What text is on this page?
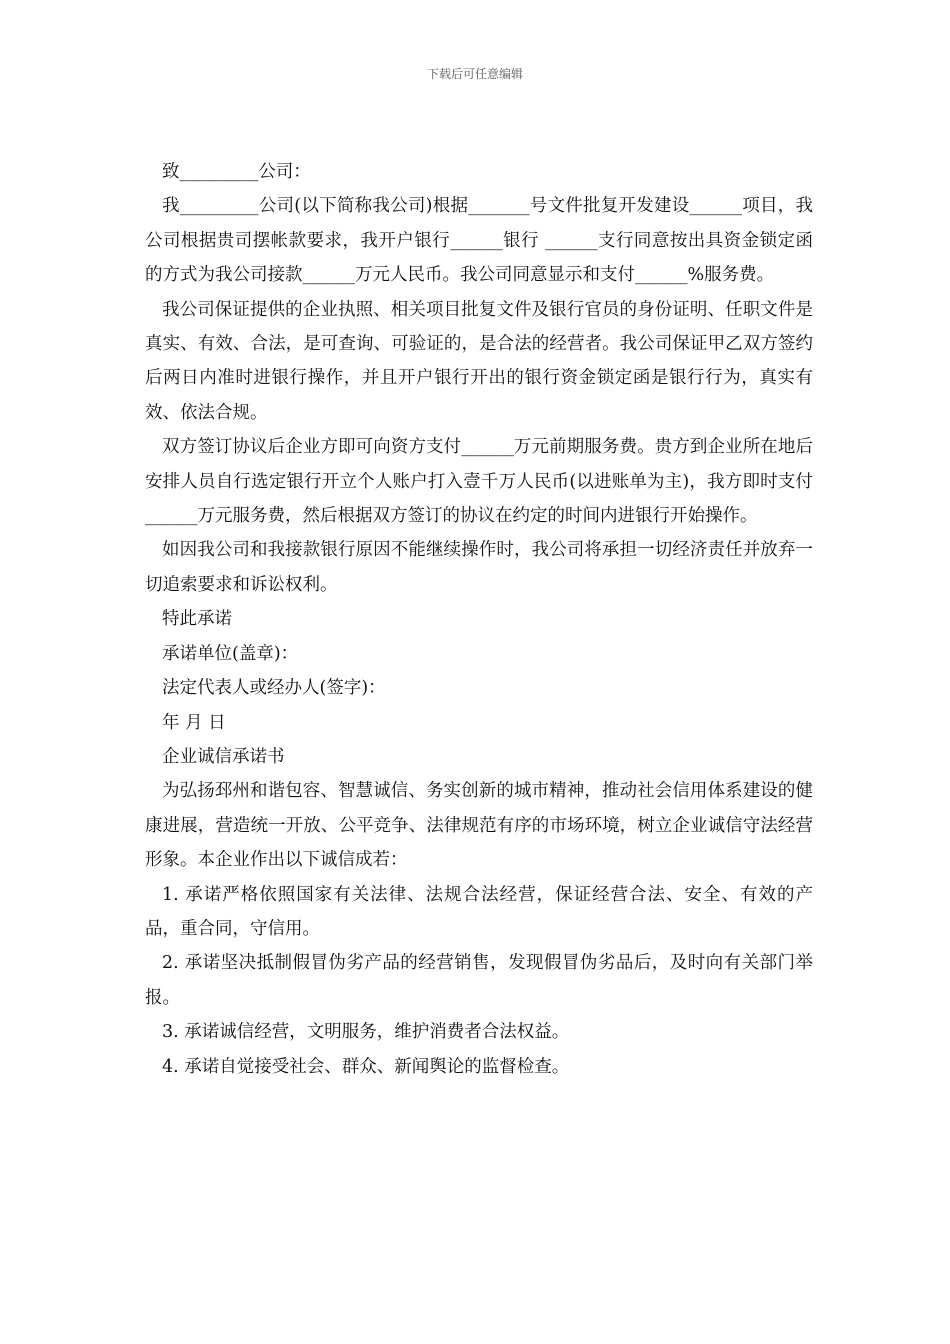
下载后可任意编辑

致_________公司：

我_________公司(以下简称我公司)根据_______号文件批复开发建设______项目，我公司根据贵司摆帐款要求，我开户银行______银行 ______支行同意按出具资金锁定函的方式为我公司接款______万元人民币。我公司同意显示和支付______%服务费。

我公司保证提供的企业执照、相关项目批复文件及银行官员的身份证明、任职文件是真实、有效、合法，是可查询、可验证的，是合法的经营者。我公司保证甲乙双方签约后两日内准时进银行操作，并且开户银行开出的银行资金锁定函是银行行为，真实有效、依法合规。

双方签订协议后企业方即可向资方支付______万元前期服务费。贵方到企业所在地后安排人员自行选定银行开立个人账户打入壹千万人民币(以进账单为主)，我方即时支付______万元服务费，然后根据双方签订的协议在约定的时间内进银行开始操作。

如因我公司和我接款银行原因不能继续操作时，我公司将承担一切经济责任并放弃一切追索要求和诉讼权利。

特此承诺

承诺单位(盖章)：

法定代表人或经办人(签字)：

年 月 日

企业诚信承诺书

为弘扬邳州和谐包容、智慧诚信、务实创新的城市精神，推动社会信用体系建设的健康进展，营造统一开放、公平竞争、法律规范有序的市场环境，树立企业诚信守法经营形象。本企业作出以下诚信成若：

1. 承诺严格依照国家有关法律、法规合法经营，保证经营合法、安全、有效的产品，重合同，守信用。

2. 承诺坚决抵制假冒伪劣产品的经营销售，发现假冒伪劣品后，及时向有关部门举报。

3. 承诺诚信经营，文明服务，维护消费者合法权益。

4. 承诺自觉接受社会、群众、新闻舆论的监督检查。
